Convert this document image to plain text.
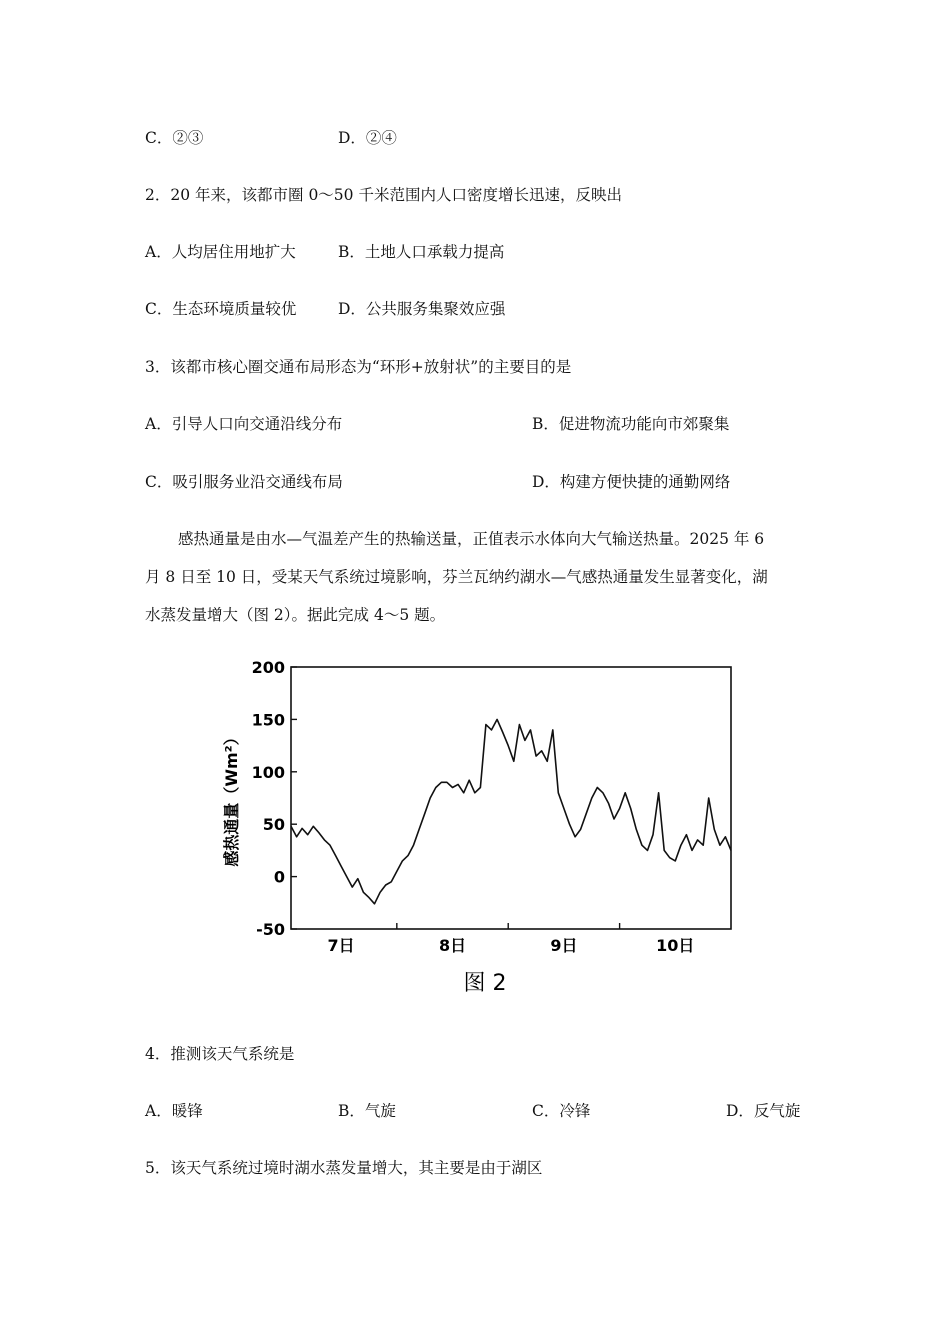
C．②③	D．②④
2．20 年来，该都市圈 0～50 千米范围内人口密度增长迅速，反映出
A．人均居住用地扩大	B．土地人口承载力提高
C．生态环境质量较优	D．公共服务集聚效应强
3．该都市核心圈交通布局形态为“环形+放射状”的主要目的是
A．引导人口向交通沿线分布	B．促进物流功能向市郊聚集
C．吸引服务业沿交通线布局	D．构建方便快捷的通勤网络
感热通量是由水—气温差产生的热输送量，正值表示水体向大气输送热量。2025 年 6
月 8 日至 10 日，受某天气系统过境影响，芬兰瓦纳约湖水—气感热通量发生显著变化，湖
水蒸发量增大（图 2）。据此完成 4～5 题。
-50
0
50
100
150
200
7日	8日	9日	10日
感热通量（Wm²）
图 2
4．推测该天气系统是
A．暖锋	B．气旋	C．冷锋	D．反气旋
5．该天气系统过境时湖水蒸发量增大，其主要是由于湖区
